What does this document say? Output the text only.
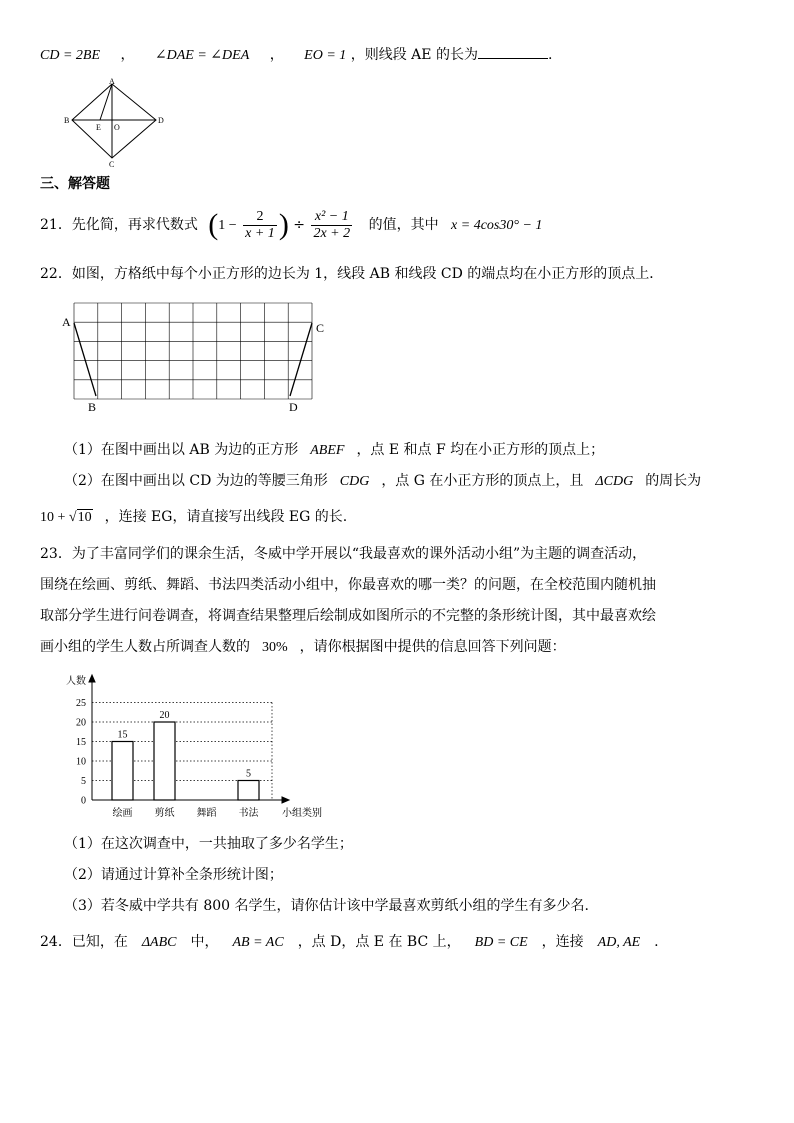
CD = 2BE ， ∠DAE = ∠DEA ， EO = 1 ，则线段 AE 的长为	.
A
B
E O
D
C
三、解答题
21．先化简，再求代数式 ($1 - \frac{2}{x + 1}$ ) ÷ $\frac{\text{x² − 1}}{2x + 2}$ 的值，其中 x = 4cos30° − 1
22．如图，方格纸中每个小正方形的边长为 1，线段 AB 和线段 CD 的端点均在小正方形的顶点上．
A
B
C
D
（1）在图中画出以 AB 为边的正方形 ABEF ，点 E 和点 F 均在小正方形的顶点上；
（2）在图中画出以 CD 为边的等腰三角形 CDG ，点 G 在小正方形的顶点上，且 ΔCDG 的周长为
10 + √10 ，连接 EG，请直接写出线段 EG 的长.
23．为了丰富同学们的课余生活，冬威中学开展以“我最喜欢的课外活动小组”为主题的调查活动，
围绕在绘画、剪纸、舞蹈、书法四类活动小组中，你最喜欢的哪一类？的问题，在全校范围内随机抽
取部分学生进行问卷调查，将调查结果整理后绘制成如图所示的不完整的条形统计图，其中最喜欢绘
画小组的学生人数占所调查人数的 30% ，请你根据图中提供的信息回答下列问题：
0
5
10
15
20
25
人数
小组类别
15
绘画
20
剪纸 舞蹈
5
书法
（1）在这次调查中，一共抽取了多少名学生；
（2）请通过计算补全条形统计图；
（3）若冬威中学共有 800 名学生，请你估计该中学最喜欢剪纸小组的学生有多少名.
24．已知，在 ΔABC 中， AB = AC ，点 D，点 E 在 BC 上， BD = CE ，连接 AD, AE .
